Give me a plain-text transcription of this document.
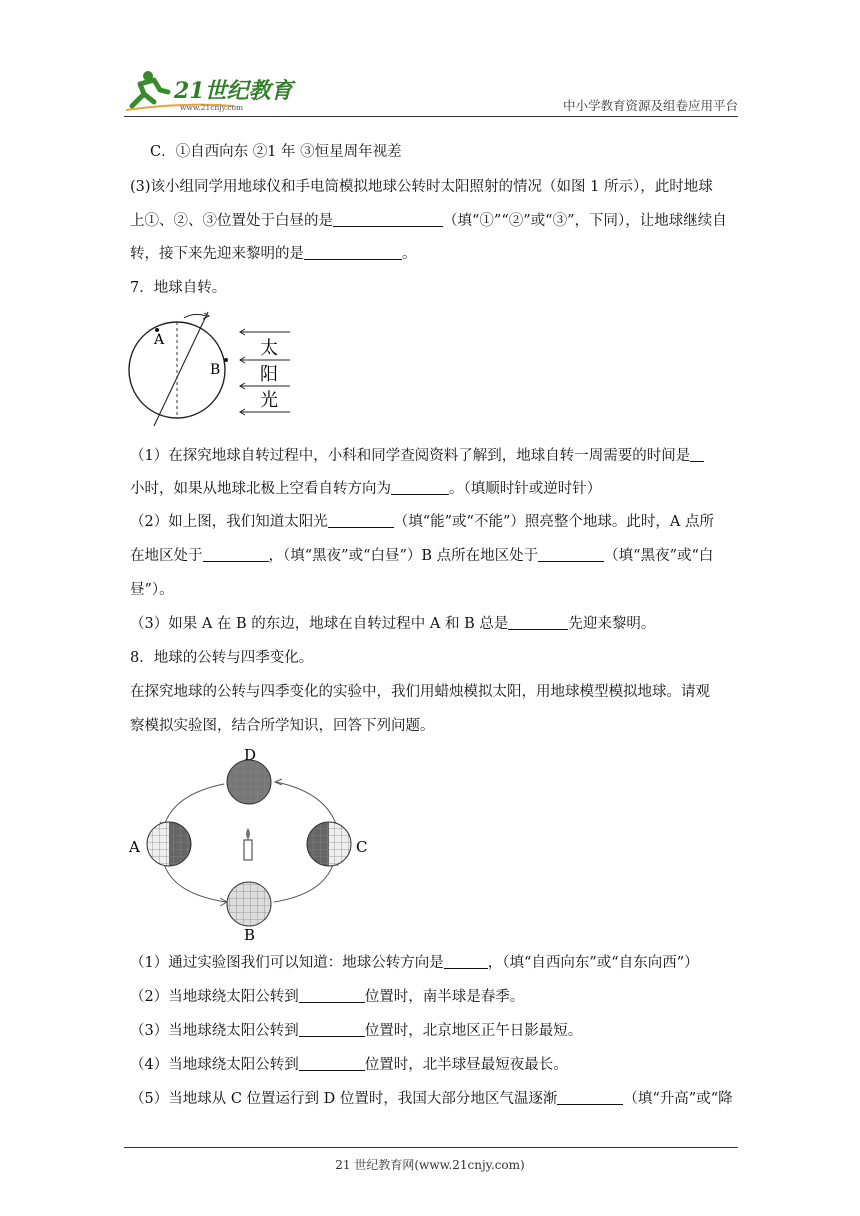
21世纪教育
www.21cnjy.com	中小学教育资源及组卷应用平台
C．①自西向东 ②1 年 ③恒星周年视差
(3)该小组同学用地球仪和手电筒模拟地球公转时太阳照射的情况（如图 1 所示），此时地球
上①、②、③位置处于白昼的是	（填“①”“②”或“③”，下同），让地球继续自
转，接下来先迎来黎明的是	。
7．地球自转。
A
B
太
阳
光
（1）在探究地球自转过程中，小科和同学查阅资料了解到，地球自转一周需要的时间是
小时，如果从地球北极上空看自转方向为	。（填顺时针或逆时针）
（2）如上图，我们知道太阳光	（填“能”或“不能”）照亮整个地球。此时，A 点所
在地区处于	，（填“黑夜”或“白昼”）B 点所在地区处于	（填“黑夜”或“白
昼”）。
（3）如果 A 在 B 的东边，地球在自转过程中 A 和 B 总是	先迎来黎明。
8．地球的公转与四季变化。
在探究地球的公转与四季变化的实验中，我们用蜡烛模拟太阳，用地球模型模拟地球。请观
察模拟实验图，结合所学知识，回答下列问题。
D
A	C
B
（1）通过实验图我们可以知道：地球公转方向是	，（填“自西向东”或“自东向西”）
（2）当地球绕太阳公转到	位置时，南半球是春季。
（3）当地球绕太阳公转到	位置时，北京地区正午日影最短。
（4）当地球绕太阳公转到	位置时，北半球昼最短夜最长。
（5）当地球从 C 位置运行到 D 位置时，我国大部分地区气温逐渐	（填“升高”或“降
21 世纪教育网(www.21cnjy.com)
